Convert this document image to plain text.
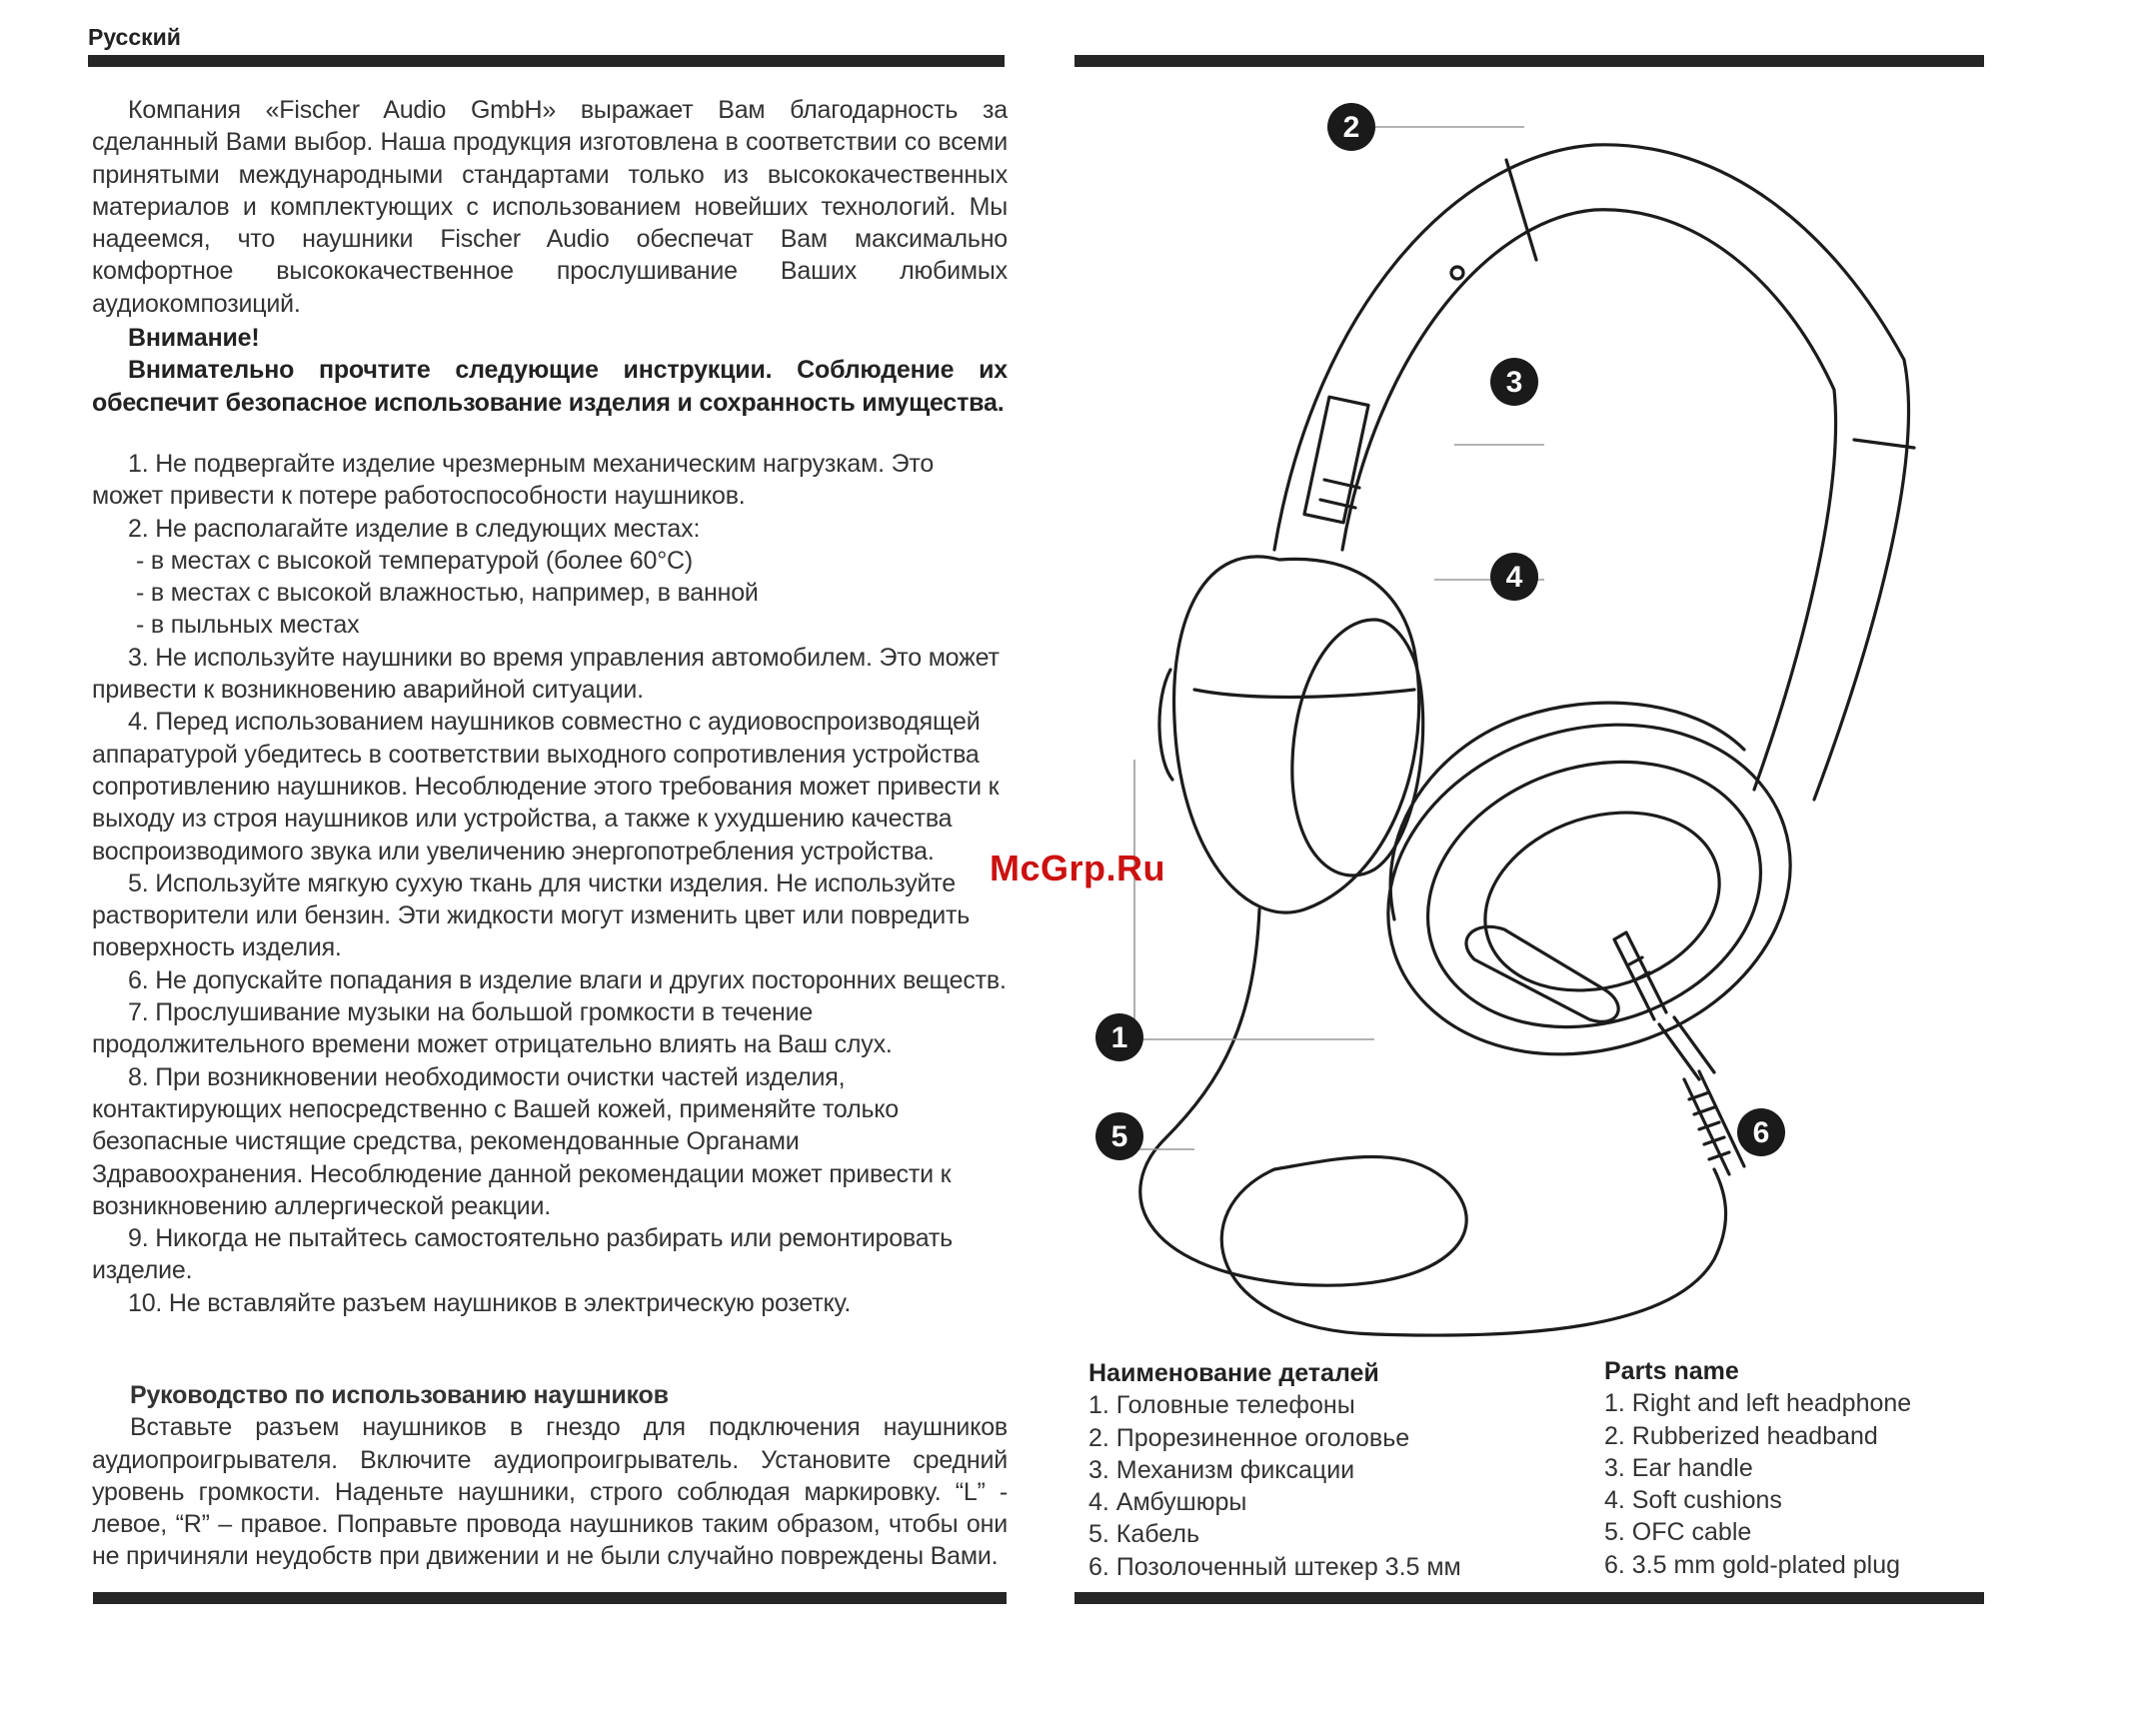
Русский

Компания «Fischer Audio GmbH» выражает Вам благодарность за сделанный Вами выбор. Наша продукция изготовлена в соответствии со всеми принятыми международными стандартами только из высококачественных материалов и комплектующих с использованием новейших технологий. Мы надеемся, что наушники Fischer Audio обеспечат Вам максимально комфортное высококачественное прослушивание Ваших любимых аудиокомпозиций.

Внимание!

Внимательно прочтите следующие инструкции. Соблюдение их обеспечит безопасное использование изделия и сохранность имущества.

1. Не подвергайте изделие чрезмерным механическим нагрузкам. Это может привести к потере работоспособности наушников.

2. Не располагайте изделие в следующих местах:

- в местах с высокой температурой (более 60°С)

- в местах с высокой влажностью, например, в ванной

- в пыльных местах

3. Не используйте наушники во время управления автомобилем. Это может привести к возникновению аварийной ситуации.

4. Перед использованием наушников совместно с аудиовоспроизводящей аппаратурой убедитесь в соответствии выходного сопротивления устройства сопротивлению наушников. Несоблюдение этого требования может привести к выходу из строя наушников или устройства, а также к ухудшению качества воспроизводимого звука или увеличению энергопотребления устройства.

5. Используйте мягкую сухую ткань для чистки изделия. Не используйте растворители или бензин. Эти жидкости могут изменить цвет или повредить поверхность изделия.

6. Не допускайте попадания в изделие влаги и других посторонних веществ.

7. Прослушивание музыки на большой громкости в течение продолжительного времени может отрицательно влиять на Ваш слух.

8. При возникновении необходимости очистки частей изделия, контактирующих непосредственно с Вашей кожей, применяйте только безопасные чистящие средства, рекомендованные Органами Здравоохранения. Несоблюдение данной рекомендации может привести к возникновению аллергической реакции.

9. Никогда не пытайтесь самостоятельно разбирать или ремонтировать изделие.

10. Не вставляйте разъем наушников в электрическую розетку.

Руководство по использованию наушников

Вставьте разъем наушников в гнездо для подключения наушников аудиопроигрывателя. Включите аудиопроигрыватель. Установите средний уровень громкости. Наденьте наушники, строго соблюдая маркировку. “L” - левое, “R” – правое. Поправьте провода наушников таким образом, чтобы они не причиняли неудобств при движении и не были случайно повреждены Вами.

2
3
4
1
5	6
McGrp.Ru
Наименование деталей
1. Головные телефоны
2. Прорезиненное оголовье
3. Механизм фиксации
4. Амбушюры
5. Кабель
6. Позолоченный штекер 3.5 мм
Parts name
1. Right and left headphone
2. Rubberized headband
3. Ear handle
4. Soft cushions
5. OFC cable
6. 3.5 mm gold-plated plug
